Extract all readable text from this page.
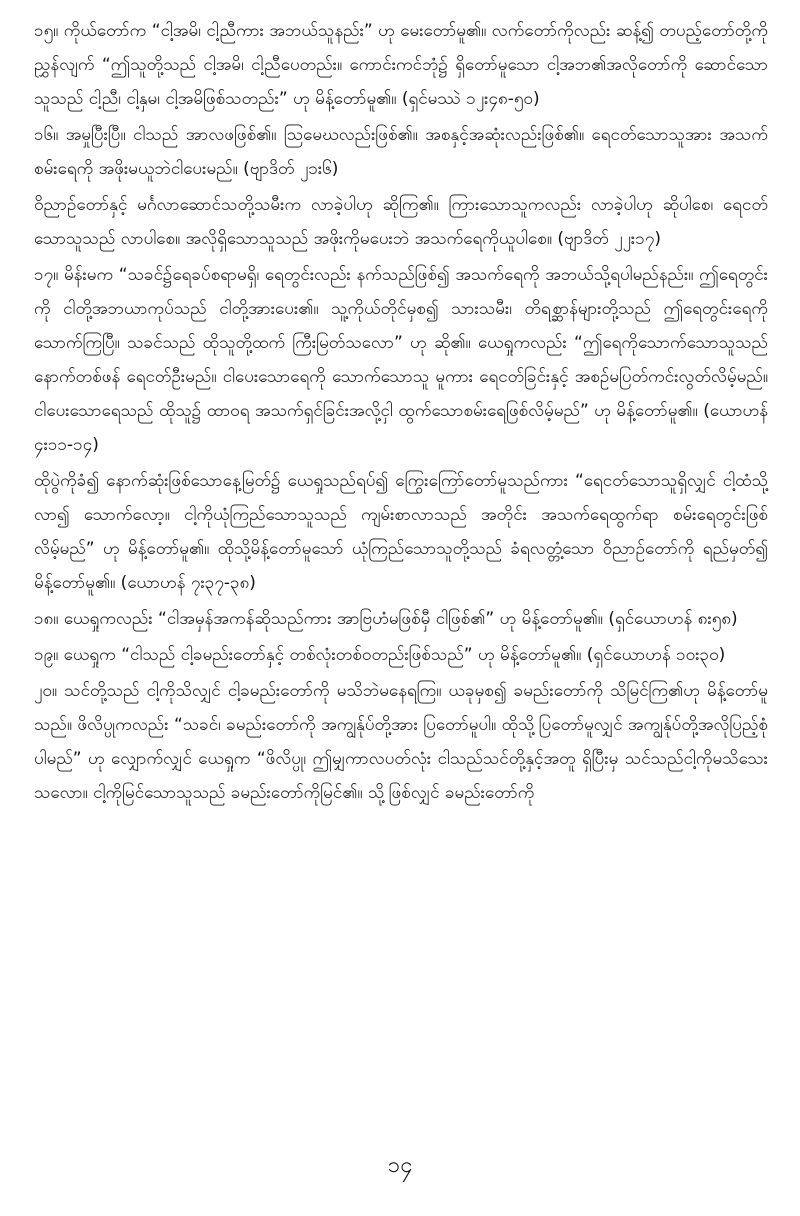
၁၅။ ကိုယ်တော်က “ငါ့အမိ၊ ငါ့ညီကား အဘယ်သူနည်း” ဟု မေးတော်မူ၏။ လက်တော်ကိုလည်း ဆန့်၍ တပည့်တော်တို့ကိုညွှန်လျက် “ဤသူတို့သည် ငါ့အမိ၊ ငါ့ညီပေတည်း။ ကောင်းကင်ဘုံ၌ ရှိတော်မူသော ငါ့အဘ၏အလိုတော်ကို ဆောင်သောသူသည် ငါ့ညီ၊ ငါ့နှမ၊ ငါ့အမိဖြစ်သတည်း” ဟု မိန့်တော်မူ၏။ (ရှင်မဿဲ ၁၂း၄၈-၅၀)

၁၆။ အမှုပြီးပြီ။ ငါသည် အာလဖဖြစ်၏။ ဩမေဃလည်းဖြစ်၏။ အစနှင့်အဆုံးလည်းဖြစ်၏။ ရေငတ်သောသူအား အသက်စမ်းရေကို အဖိုးမယူဘဲငါပေးမည်။ (ဗျာဒိတ် ၂၁း၆)

ဝိညာဉ်တော်နှင့် မင်္ဂလာဆောင်သတို့သမီးက လာခဲ့ပါဟု ဆိုကြ၏။ ကြားသောသူကလည်း လာခဲ့ပါဟု ဆိုပါစေ၊ ရေငတ်သောသူသည် လာပါစေ။ အလိုရှိသောသူသည် အဖိုးကိုမပေးဘဲ အသက်ရေကိုယူပါစေ။ (ဗျာဒိတ် ၂၂း၁၇)

၁၇။ မိန်းမက “သခင်၌ရေခပ်စရာမရှိ၊ ရေတွင်းလည်း နက်သည်ဖြစ်၍ အသက်ရေကို အဘယ်သို့ရပါမည်နည်း။ ဤရေတွင်းကို ငါတို့အဘယာကုပ်သည် ငါတို့အားပေး၏။ သူ့ကိုယ်တိုင်မှစ၍ သားသမီး၊ တိရစ္ဆာန်များတို့သည် ဤရေတွင်းရေကို သောက်ကြပြီ။ သခင်သည် ထိုသူတို့ထက် ကြီးမြတ်သလော” ဟု ဆို၏။ ယေရှုကလည်း “ဤရေကိုသောက်သောသူသည် နောက်တစ်ဖန် ရေငတ်ဦးမည်။ ငါပေးသောရေကို သောက်သောသူ မူကား ရေငတ်ခြင်းနှင့် အစဉ်မပြတ်ကင်းလွတ်လိမ့်မည်။ ငါပေးသောရေသည် ထိုသူ၌ ထာဝရ အသက်ရှင်ခြင်းအလို့ငှါ ထွက်သောစမ်းရေဖြစ်လိမ့်မည်” ဟု မိန့်တော်မူ၏။ (ယောဟန် ၄း၁၁-၁၄)

ထိုပွဲကိုခံ၍ နောက်ဆုံးဖြစ်သောနေ့မြတ်၌ ယေရှုသည်ရပ်၍ ကြွေးကြော်တော်မူသည်ကား “ရေငတ်သောသူရှိလျှင် ငါ့ထံသို့လာ၍ သောက်လော့။ ငါ့ကိုယုံကြည်သောသူသည် ကျမ်းစာလာသည် အတိုင်း အသက်ရေထွက်ရာ စမ်းရေတွင်းဖြစ်လိမ့်မည်” ဟု မိန့်တော်မူ၏။ ထိုသို့မိန့်တော်မူသော် ယုံကြည်သောသူတို့သည် ခံရလတ္တံ့သော ဝိညာဉ်တော်ကို ရည်မှတ်၍ မိန့်တော်မူ၏။ (ယောဟန် ၇း၃၇-၃၈)

၁၈။ ယေရှုကလည်း “ငါအမှန်အကန်ဆိုသည်ကား အာဗြဟံမဖြစ်မှီ ငါဖြစ်၏” ဟု မိန့်တော်မူ၏။ (ရှင်ယောဟန် ၈း၅၈)

၁၉။ ယေရှုက “ငါသည် ငါ့ခမည်းတော်နှင့် တစ်လုံးတစ်ဝတည်းဖြစ်သည်” ဟု မိန့်တော်မူ၏။ (ရှင်ယောဟန် ၁၀း၃၀)

၂၀။ သင်တို့သည် ငါ့ကိုသိလျှင် ငါ့ခမည်းတော်ကို မသိဘဲမနေရကြ။ ယခုမှစ၍ ခမည်းတော်ကို သိမြင်ကြ၏ဟု မိန့်တော်မူသည်။ ဖိလိပ္ပုကလည်း “သခင်၊ ခမည်းတော်ကို အကျွန်ုပ်တို့အား ပြတော်မူပါ။ ထိုသို့ပြတော်မူလျှင် အကျွန်ုပ်တို့အလိုပြည့်စုံပါမည်” ဟု လျှောက်လျှင် ယေရှုက “ဖိလိပ္ပု၊ ဤမျှကာလပတ်လုံး ငါသည်သင်တို့နှင့်အတူ ရှိပြီးမှ သင်သည်ငါ့ကိုမသိသေးသလော။ ငါ့ကိုမြင်သောသူသည် ခမည်းတော်ကိုမြင်၏။ သို့ဖြစ်လျှင် ခမည်းတော်ကို

၁၄
